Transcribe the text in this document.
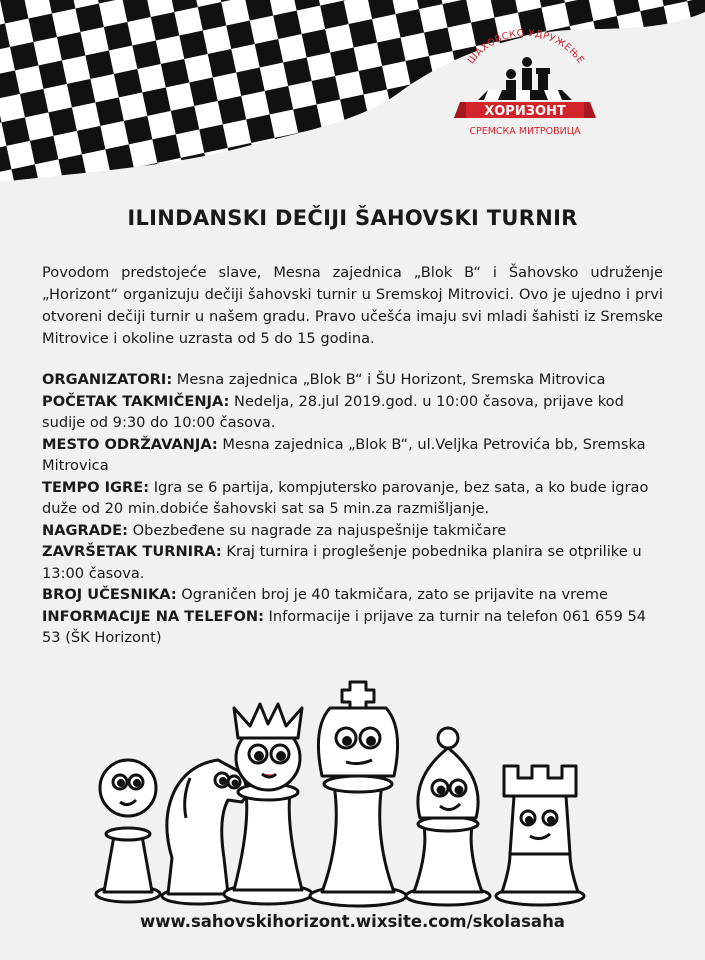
ШАХОВСКО УДРУЖЕЊЕ
ХОРИЗОНТ
СРЕМСКА МИТРОВИЦА
ILINDANSKI DEČIJI ŠAHOVSKI TURNIR
Povodom predstojeće slave, Mesna zajednica „Blok B“ i Šahovsko udruženje „Horizont“ organizuju dečiji šahovski turnir u Sremskoj Mitrovici. Ovo je ujedno i prvi otvoreni dečiji turnir u našem gradu. Pravo učešća imaju svi mladi šahisti iz Sremske Mitrovice i okoline uzrasta od 5 do 15 godina.

ORGANIZATORI: Mesna zajednica „Blok B“ i ŠU Horizont, Sremska Mitrovica

POČETAK TAKMIČENJA: Nedelja, 28.jul 2019.god. u 10:00 časova, prijave kod sudije od 9:30 do 10:00 časova.

MESTO ODRŽAVANJA: Mesna zajednica „Blok B“, ul.Veljka Petrovića bb, Sremska Mitrovica

TEMPO IGRE: Igra se 6 partija, kompjutersko parovanje, bez sata, a ko bude igrao duže od 20 min.dobiće šahovski sat sa 5 min.za razmišljanje.

NAGRADE: Obezbeđene su nagrade za najuspešnije takmičare

ZAVRŠETAK TURNIRA: Kraj turnira i proglešenje pobednika planira se otprilike u 13:00 časova.

BROJ UČESNIKA: Ograničen broj je 40 takmičara, zato se prijavite na vreme

INFORMACIJE NA TELEFON: Informacije i prijave za turnir na telefon 061 659 54 53 (ŠK Horizont)

www.sahovskihorizont.wixsite.com/skolasaha
